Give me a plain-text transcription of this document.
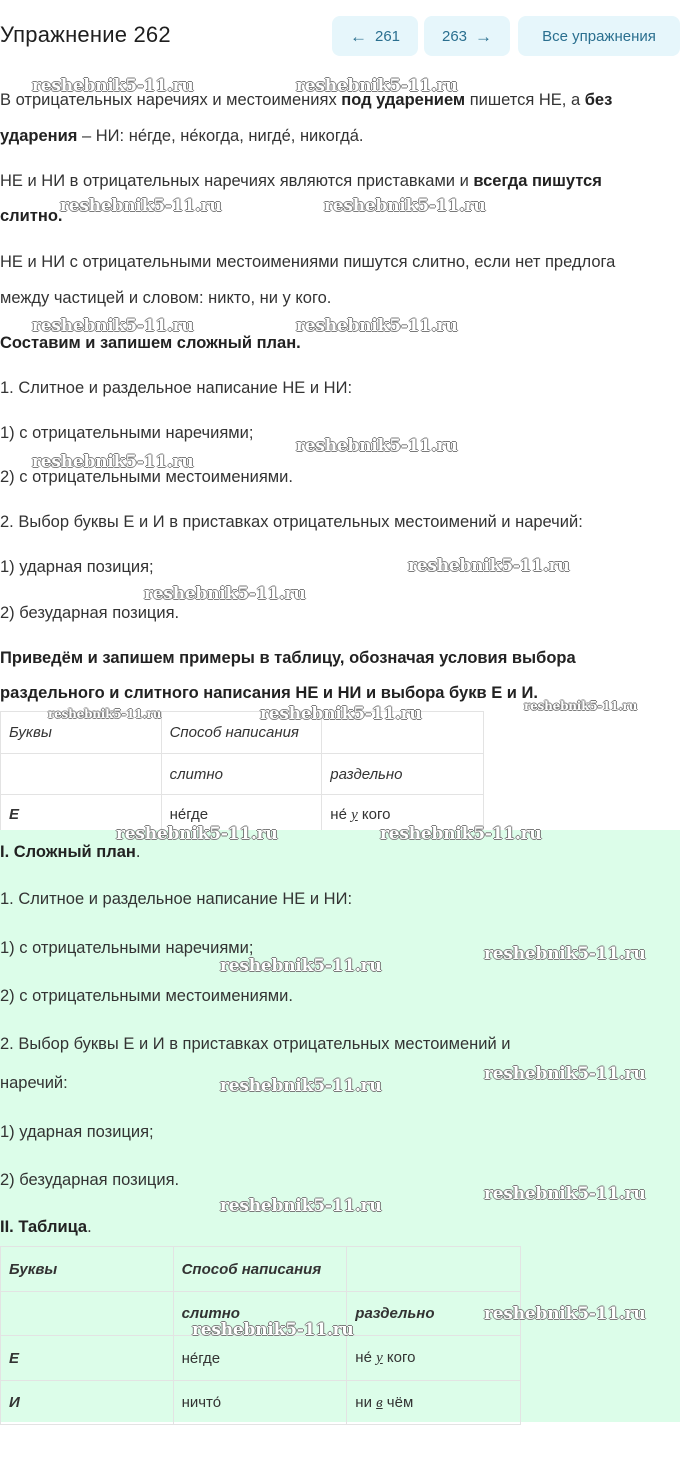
Упражнение 262	← 261	263 →	Все упражнения
В отрицательных наречиях и местоимениях под ударением пишется НЕ, а без
ударения – НИ: не́где, не́когда, нигде́, никогда́.
НЕ и НИ в отрицательных наречиях являются приставками и всегда пишутся
слитно.
НЕ и НИ с отрицательными местоимениями пишутся слитно, если нет предлога
между частицей и словом: никто, ни у кого.
Составим и запишем сложный план.
1. Слитное и раздельное написание НЕ и НИ:
1) с отрицательными наречиями;
2) с отрицательными местоимениями.
2. Выбор буквы Е и И в приставках отрицательных местоимений и наречий:
1) ударная позиция;
2) безударная позиция.
Приведём и запишем примеры в таблицу, обозначая условия выбора
раздельного и слитного написания НЕ и НИ и выбора букв Е и И.
Буквы	Способ написания	
	слитно	раздельно
Е	не́где	не́ у кого
I. Сложный план.
1. Слитное и раздельное написание НЕ и НИ:
1) с отрицательными наречиями;
2) с отрицательными местоимениями.
2. Выбор буквы Е и И в приставках отрицательных местоимений и
наречий:
1) ударная позиция;
2) безударная позиция.
II. Таблица.
Буквы	Способ написания	
	слитно	раздельно
Е	не́где	не́ у кого
И	ничто́	ни в чём
reshebnik5-11.ru	reshebnik5-11.ru
reshebnik5-11.ru	reshebnik5-11.ru
reshebnik5-11.ru	reshebnik5-11.ru
reshebnik5-11.ru
reshebnik5-11.ru
reshebnik5-11.ru
reshebnik5-11.ru
reshebnik5-11.ru	reshebnik5-11.ru	reshebnik5-11.ru
reshebnik5-11.ru	reshebnik5-11.ru
reshebnik5-11.ru
reshebnik5-11.ru
reshebnik5-11.ru
reshebnik5-11.ru
reshebnik5-11.ru
reshebnik5-11.ru
reshebnik5-11.ru
reshebnik5-11.ru
